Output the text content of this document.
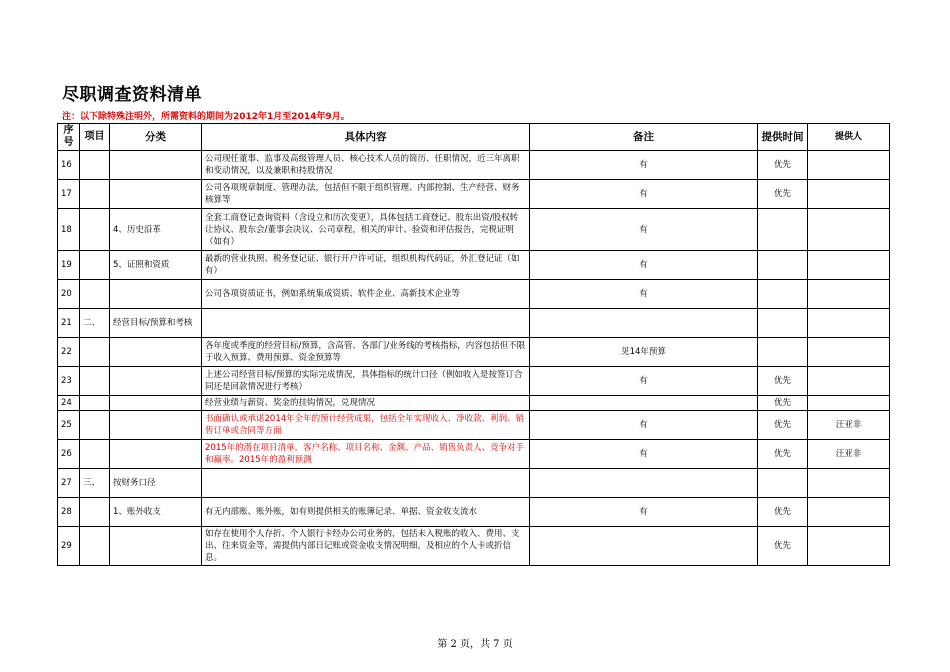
尽职调查资料清单
注：以下除特殊注明外，所需资料的期间为2012年1月至2014年9月。
序号	项目	分类	具体内容	备注	提供时间	提供人
16			公司现任董事、监事及高级管理人员、核心技术人员的简历、任职情况，近三年离职和变动情况，以及兼职和持股情况	有	优先	
17			公司各项规章制度、管理办法，包括但不限于组织管理、内部控制、生产经营、财务核算等	有	优先	
18		4、历史沿革	全套工商登记查询资料（含设立和历次变更），具体包括工商登记、股东出资/股权转让协议、股东会/董事会决议、公司章程，相关的审计、验资和评估报告，完税证明（如有）	有		
19		5、证照和资质	最新的营业执照、税务登记证、银行开户许可证，组织机构代码证，外汇登记证（如有）	有		
20			公司各项资质证书，例如系统集成资质、软件企业、高新技术企业等	有		
21	二、	经营目标/预算和考核				
22			各年度或季度的经营目标/预算，含高管、各部门/业务线的考核指标，内容包括但不限于收入预算、费用预算、资金预算等	见14年预算		
23			上述公司经营目标/预算的实际完成情况，具体指标的统计口径（例如收入是按签订合同还是回款情况进行考核）	有	优先	
24			经营业绩与薪资、奖金的挂钩情况，兑现情况		优先	
25			书面确认或承诺2014年全年的预计经营成果，包括全年实现收入、净收款、利润、销售订单或合同等方面	有	优先	汪亚非
26			2015年的潜在项目清单，客户名称、项目名称、金额、产品、销售负责人、竞争对手和赢率。2015年的盈利预测	有	优先	汪亚非
27	三、	按财务口径				
28		1、账外收支	有无内部账、账外账，如有则提供相关的账簿记录、单据、资金收支流水	有	优先	
29			如存在使用个人存折、个人银行卡经办公司业务的，包括未入税账的收入、费用、支出、往来资金等，需提供内部日记账或资金收支情况明细，及相应的个人卡或折信息。		优先	
第 2 页，共 7 页
